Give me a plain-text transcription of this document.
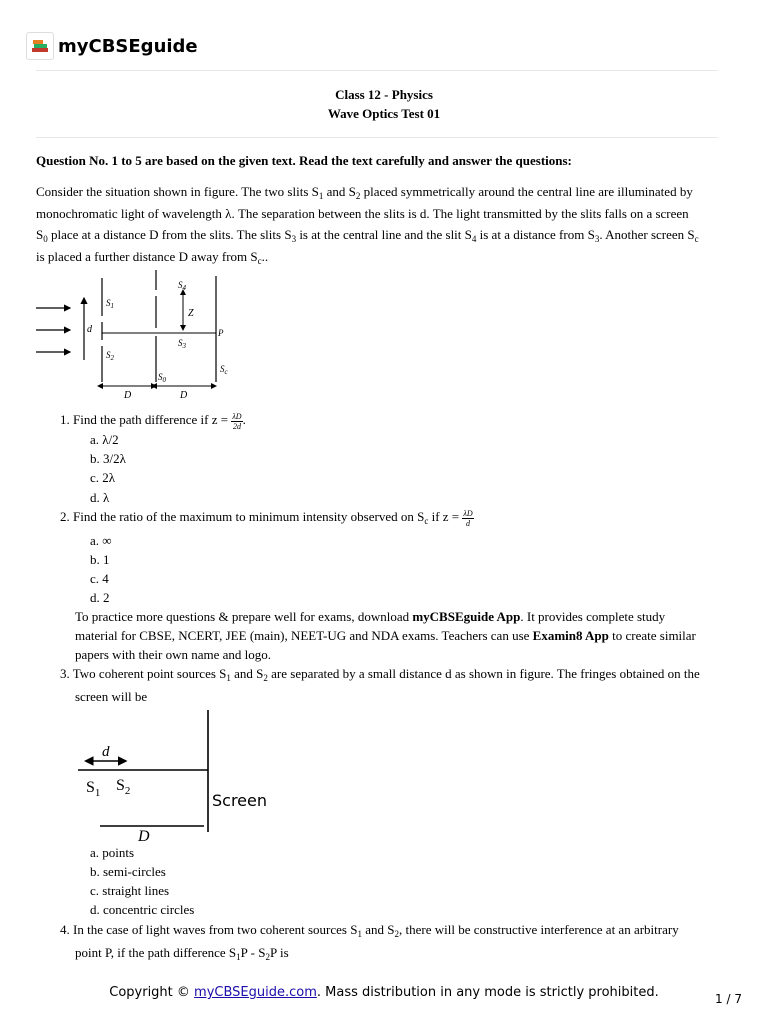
myCBSEguide
Class 12 - Physics
Wave Optics Test 01
Question No. 1 to 5 are based on the given text. Read the text carefully and answer the questions:
Consider the situation shown in figure. The two slits $S_1$ and $S_2$ placed symmetrically around the central line are illuminated by
monochromatic light of wavelength λ. The separation between the slits is d. The light transmitted by the slits falls on a screen
$S_0$ place at a distance D from the slits. The slits $S_3$ is at the central line and the slit $S_4$ is at a distance from $S_3$. Another screen $S_c$
is placed a further distance D away from $S_c$..
d
$S_1$
$S_2$
$S_0$
$S_4$
Z
$S_3$
P
$S_c$
D	D
1. Find the path difference if $z = \frac{\lambda D}{2d}$ .
a. λ/2
b. 3/2λ
c. 2λ
d. λ
2. Find the ratio of the maximum to minimum intensity observed on $S_c$ if $z = \frac{\lambda D}{d}$
a. ∞
b. 1
c. 4
d. 2
To practice more questions & prepare well for exams, download myCBSEguide App. It provides complete study
material for CBSE, NCERT, JEE (main), NEET-UG and NDA exams. Teachers can use Examin8 App to create similar
papers with their own name and logo.
3. Two coherent point sources $S_1$ and $S_2$ are separated by a small distance d as shown in figure. The fringes obtained on the
screen will be
d
$S_1$ $S_2$	Screen
D
a. points
b. semi-circles
c. straight lines
d. concentric circles
4. In the case of light waves from two coherent sources $S_1$ and $S_2$, there will be constructive interference at an arbitrary
point P, if the path difference $S_1P - S_2P$ is
Copyright © myCBSEguide.com. Mass distribution in any mode is strictly prohibited.	1 / 7
